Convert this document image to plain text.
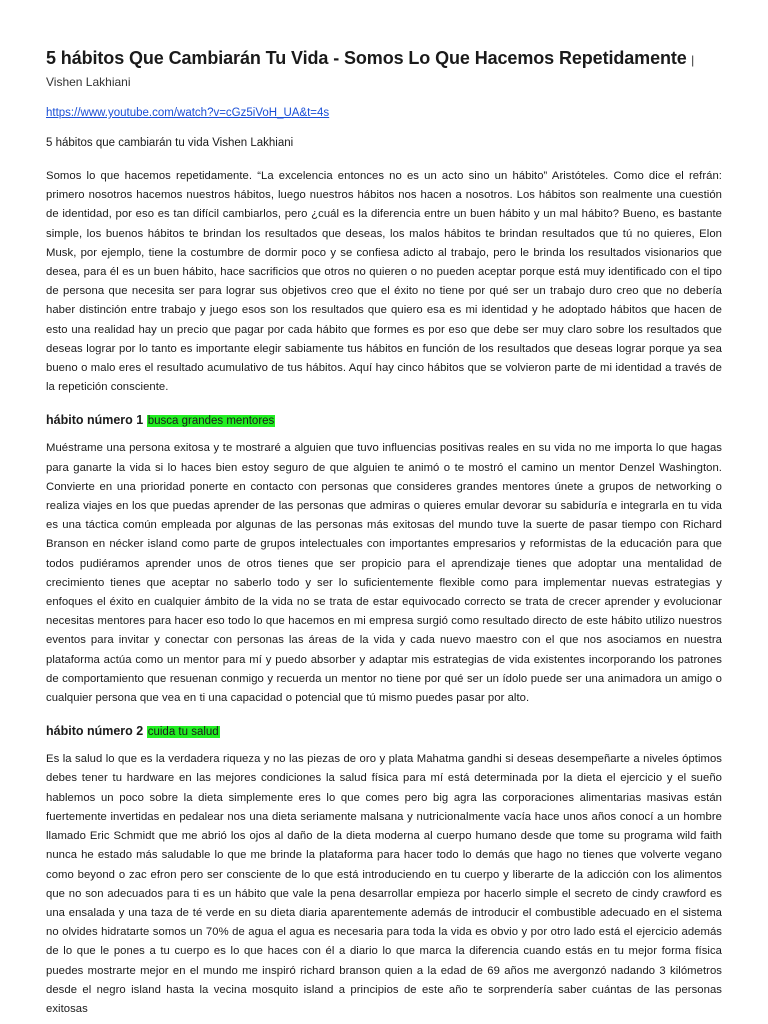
5 hábitos Que Cambiarán Tu Vida - Somos Lo Que Hacemos Repetidamente | Vishen Lakhiani
https://www.youtube.com/watch?v=cGz5iVoH_UA&t=4s
5 hábitos que cambiarán tu vida Vishen Lakhiani

Somos lo que hacemos repetidamente. “La excelencia entonces no es un acto sino un hábito” Aristóteles. Como dice el refrán: primero nosotros hacemos nuestros hábitos, luego nuestros hábitos nos hacen a nosotros. Los hábitos son realmente una cuestión de identidad, por eso es tan difícil cambiarlos, pero ¿cuál es la diferencia entre un buen hábito y un mal hábito? Bueno, es bastante simple, los buenos hábitos te brindan los resultados que deseas, los malos hábitos te brindan resultados que tú no quieres, Elon Musk, por ejemplo, tiene la costumbre de dormir poco y se confiesa adicto al trabajo, pero le brinda los resultados visionarios que desea, para él es un buen hábito, hace sacrificios que otros no quieren o no pueden aceptar porque está muy identificado con el tipo de persona que necesita ser para lograr sus objetivos creo que el éxito no tiene por qué ser un trabajo duro creo que no debería haber distinción entre trabajo y juego esos son los resultados que quiero esa es mi identidad y he adoptado hábitos que hacen de esto una realidad hay un precio que pagar por cada hábito que formes es por eso que debe ser muy claro sobre los resultados que deseas lograr por lo tanto es importante elegir sabiamente tus hábitos en función de los resultados que deseas lograr porque ya sea bueno o malo eres el resultado acumulativo de tus hábitos. Aquí hay cinco hábitos que se volvieron parte de mi identidad a través de la repetición consciente.

hábito número 1 busca grandes mentores

Muéstrame una persona exitosa y te mostraré a alguien que tuvo influencias positivas reales en su vida no me importa lo que hagas para ganarte la vida si lo haces bien estoy seguro de que alguien te animó o te mostró el camino un mentor Denzel Washington. Convierte en una prioridad ponerte en contacto con personas que consideres grandes mentores únete a grupos de networking o realiza viajes en los que puedas aprender de las personas que admiras o quieres emular devorar su sabiduría e integrarla en tu vida es una táctica común empleada por algunas de las personas más exitosas del mundo tuve la suerte de pasar tiempo con Richard Branson en nécker island como parte de grupos intelectuales con importantes empresarios y reformistas de la educación para que todos pudiéramos aprender unos de otros tienes que ser propicio para el aprendizaje tienes que adoptar una mentalidad de crecimiento tienes que aceptar no saberlo todo y ser lo suficientemente flexible como para implementar nuevas estrategias y enfoques el éxito en cualquier ámbito de la vida no se trata de estar equivocado correcto se trata de crecer aprender y evolucionar necesitas mentores para hacer eso todo lo que hacemos en mi empresa surgió como resultado directo de este hábito utilizo nuestros eventos para invitar y conectar con personas las áreas de la vida y cada nuevo maestro con el que nos asociamos en nuestra plataforma actúa como un mentor para mí y puedo absorber y adaptar mis estrategias de vida existentes incorporando los patrones de comportamiento que resuenan conmigo y recuerda un mentor no tiene por qué ser un ídolo puede ser una animadora un amigo o cualquier persona que vea en ti una capacidad o potencial que tú mismo puedes pasar por alto.

hábito número 2 cuida tu salud

Es la salud lo que es la verdadera riqueza y no las piezas de oro y plata Mahatma gandhi si deseas desempeñarte a niveles óptimos debes tener tu hardware en las mejores condiciones la salud física para mí está determinada por la dieta el ejercicio y el sueño hablemos un poco sobre la dieta simplemente eres lo que comes pero big agra las corporaciones alimentarias masivas están fuertemente invertidas en pedalear nos una dieta seriamente malsana y nutricionalmente vacía hace unos años conocí a un hombre llamado Eric Schmidt que me abrió los ojos al daño de la dieta moderna al cuerpo humano desde que tome su programa wild faith nunca he estado más saludable lo que me brinde la plataforma para hacer todo lo demás que hago no tienes que volverte vegano como beyond o zac efron pero ser consciente de lo que está introduciendo en tu cuerpo y liberarte de la adicción con los alimentos que no son adecuados para ti es un hábito que vale la pena desarrollar empieza por hacerlo simple el secreto de cindy crawford es una ensalada y una taza de té verde en su dieta diaria aparentemente además de introducir el combustible adecuado en el sistema no olvides hidratarte somos un 70% de agua el agua es necesaria para toda la vida es obvio y por otro lado está el ejercicio además de lo que le pones a tu cuerpo es lo que haces con él a diario lo que marca la diferencia cuando estás en tu mejor forma física puedes mostrarte mejor en el mundo me inspiró richard branson quien a la edad de 69 años me avergonzó nadando 3 kilómetros desde el negro island hasta la vecina mosquito island a principios de este año te sorprendería saber cuántas de las personas exitosas
